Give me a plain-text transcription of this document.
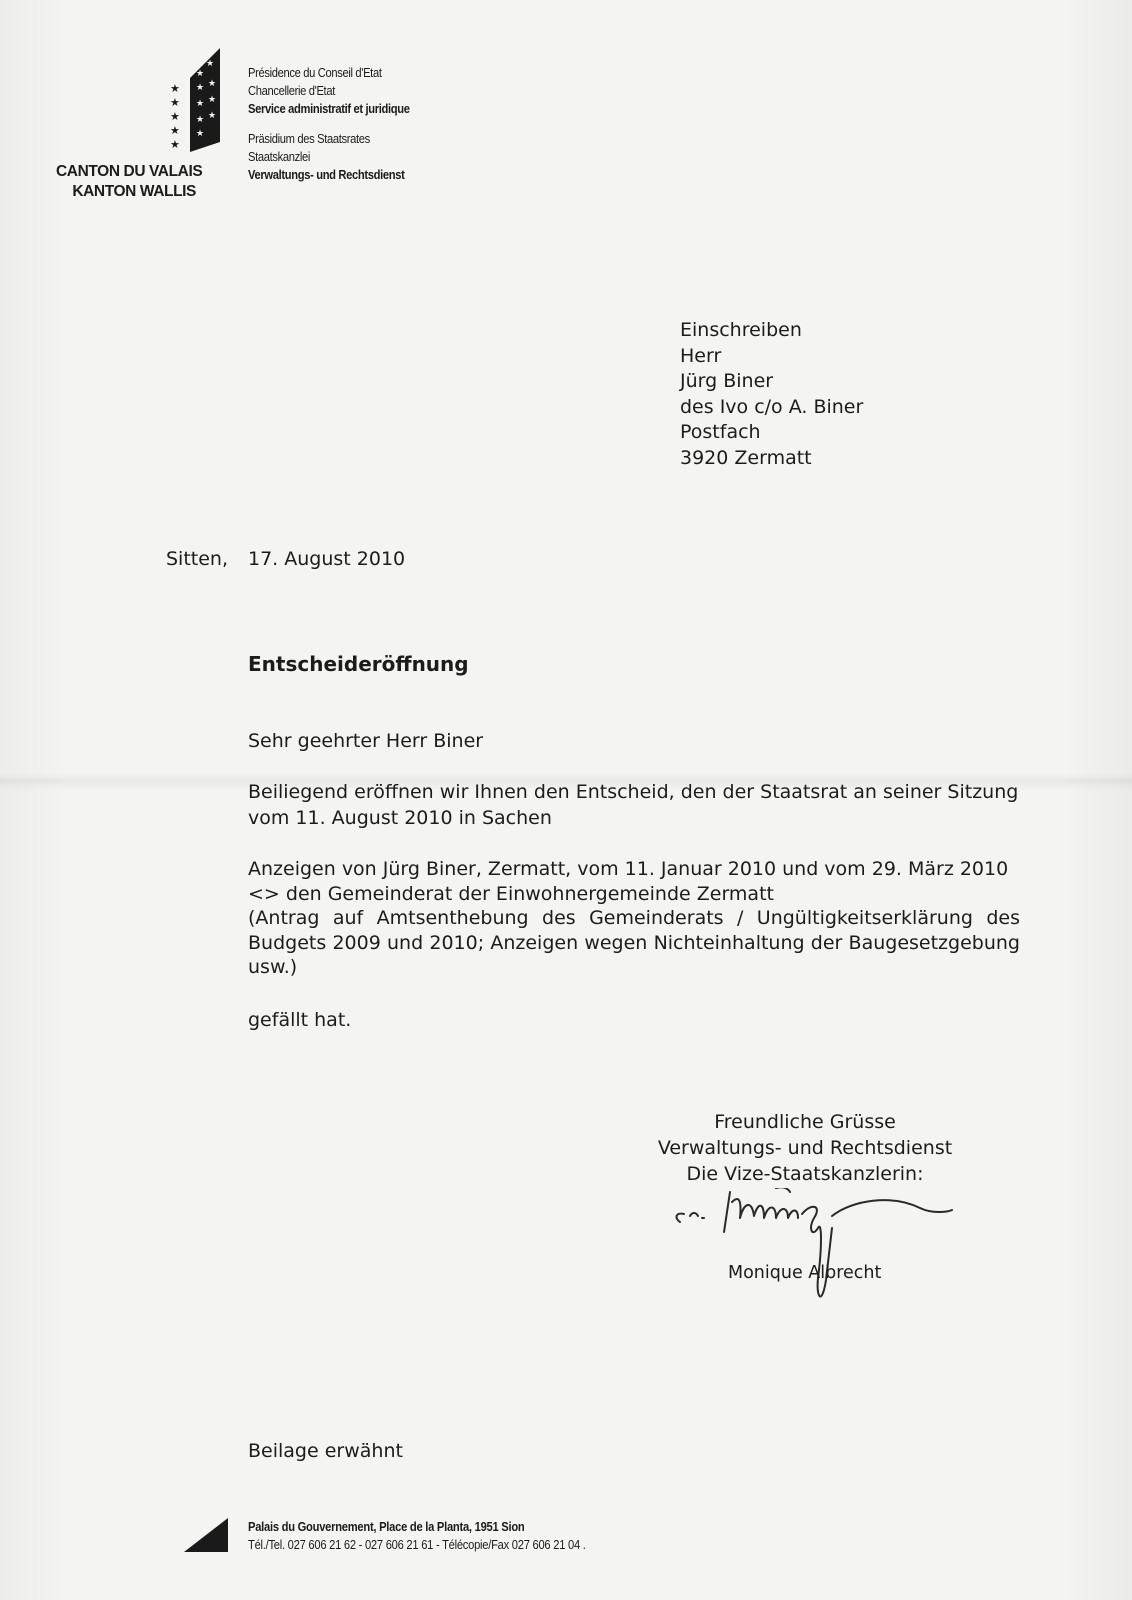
★
★
★
★
★
★
★
★ ★
★ ★
★ ★
★
CANTON DU VALAIS
KANTON WALLIS
Présidence du Conseil d'Etat
Chancellerie d'Etat
Service administratif et juridique
Präsidium des Staatsrates
Staatskanzlei
Verwaltungs- und Rechtsdienst
Einschreiben
Herr
Jürg Biner
des Ivo c/o A. Biner
Postfach
3920 Zermatt
Sitten, 17. August 2010
Entscheideröffnung
Sehr geehrter Herr Biner
Beiliegend eröffnen wir Ihnen den Entscheid, den der Staatsrat an seiner Sitzung
vom 11. August 2010 in Sachen
Anzeigen von Jürg Biner, Zermatt, vom 11. Januar 2010 und vom 29. März 2010
<> den Gemeinderat der Einwohnergemeinde Zermatt
(Antrag auf Amtsenthebung des Gemeinderats / Ungültigkeitserklärung des Budgets 2009 und 2010; Anzeigen wegen Nichteinhaltung der Baugesetzgebung usw.)
gefällt hat.
Freundliche Grüsse
Verwaltungs- und Rechtsdienst
Die Vize-Staatskanzlerin:
Monique Albrecht
Beilage erwähnt
Palais du Gouvernement, Place de la Planta, 1951 Sion
Tél./Tel. 027 606 21 62 - 027 606 21 61 - Télécopie/Fax 027 606 21 04 .
